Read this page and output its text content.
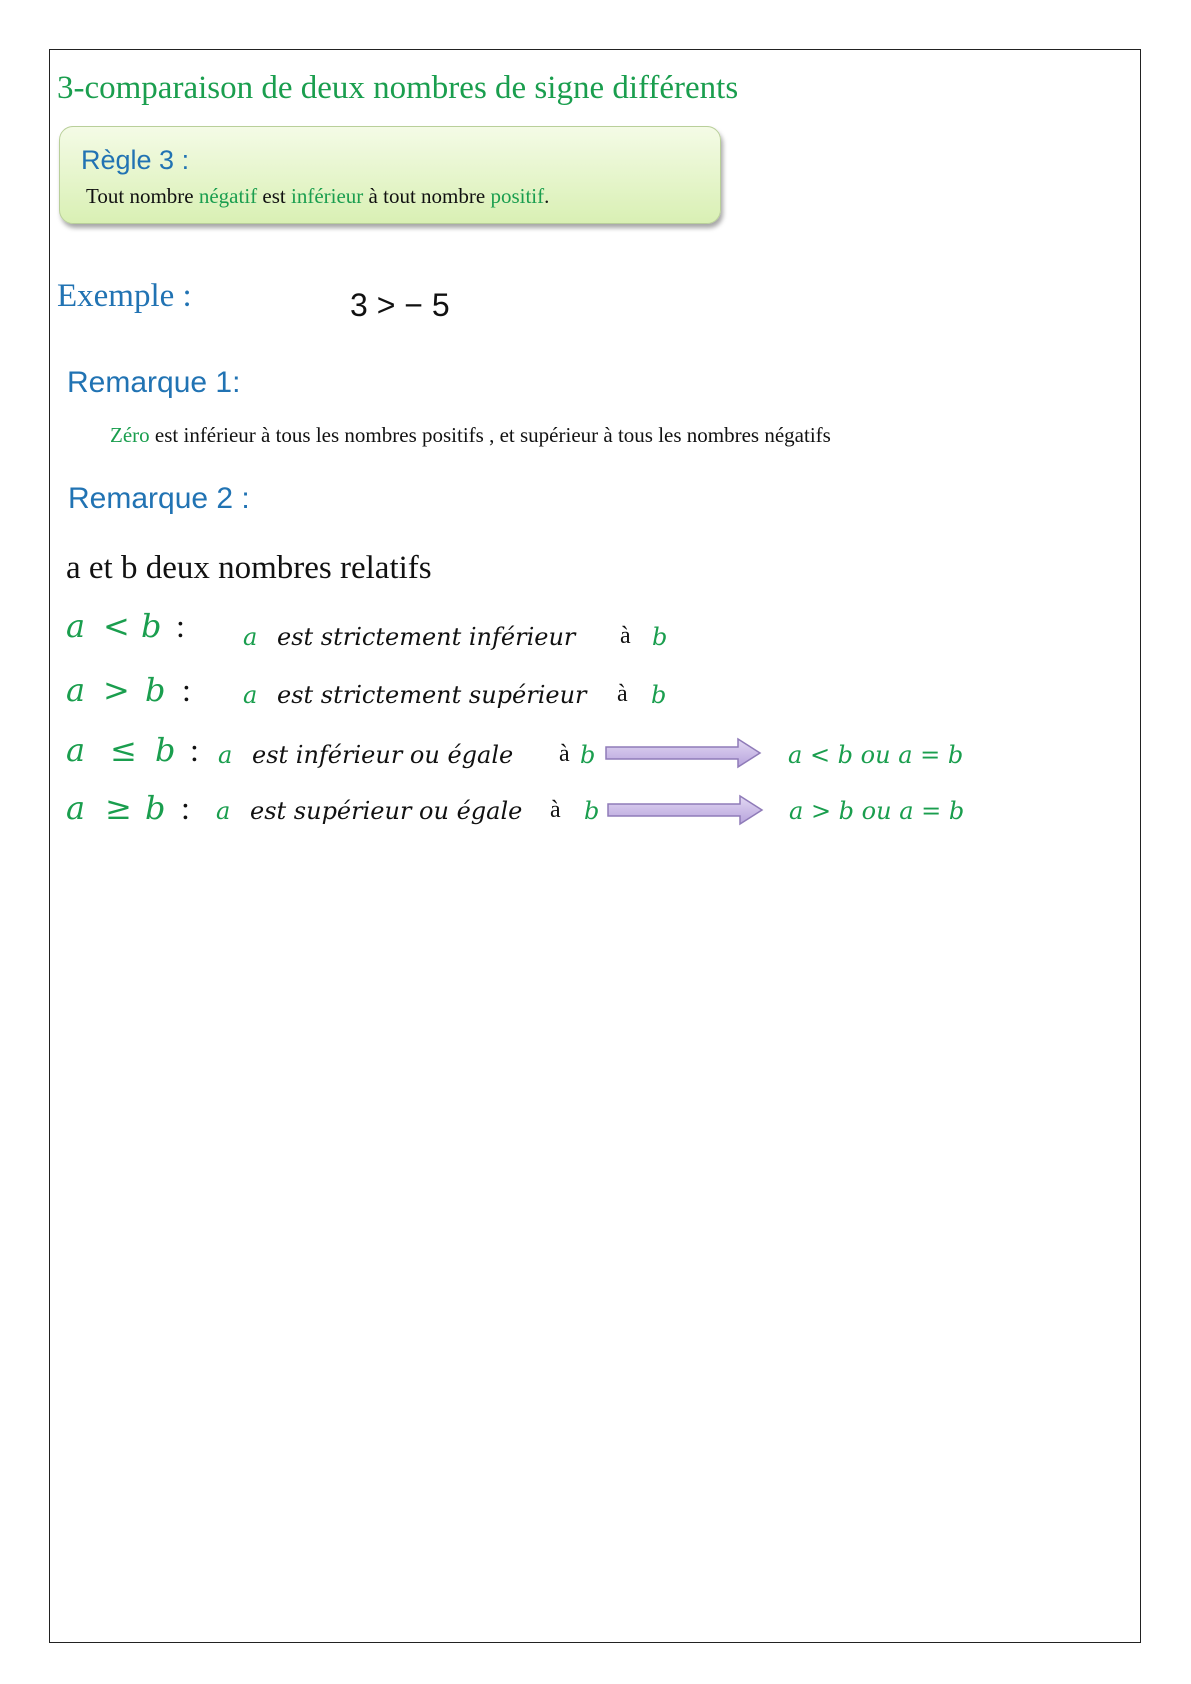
3-comparaison de deux nombres de signe différents
Règle 3 :
Tout nombre négatif est inférieur à tout nombre positif.
Exemple :	3 > − 5
Remarque 1:
Zéro est inférieur à tous les nombres positifs , et supérieur à tous les nombres négatifs
Remarque 2 :
a et b deux nombres relatifs
a < b : a est strictement inférieur à b
a > b : a est strictement supérieur à b
a ≤ b : a est inférieur ou égale à b	a < b ou a = b
a ≥ b : a est supérieur ou égale à b	a > b ou a = b
